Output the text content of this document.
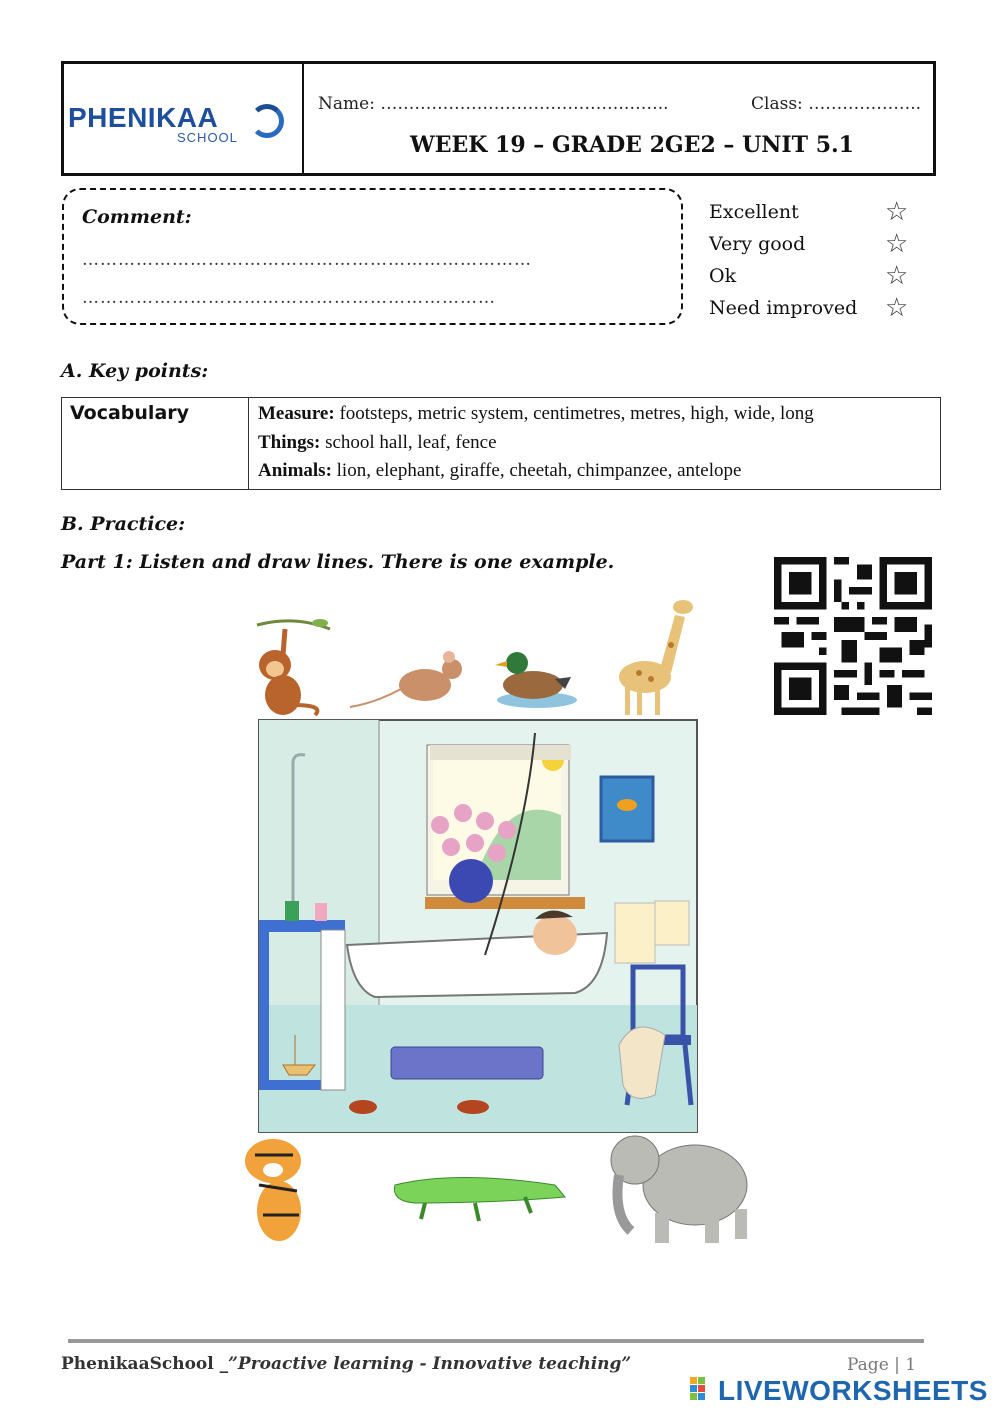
PHENIKAA
SCHOOL
Name: …………………………………….……..	Class: ………………..
WEEK 19 – GRADE 2GE2 – UNIT 5.1
Comment:
…………………………………………………………………
……………………………………………………………
Excellent	☆
Very good	☆
Ok	☆
Need improved ☆
A. Key points:
Vocabulary	Measure: footsteps, metric system, centimetres, metres, high, wide, long
Things: school hall, leaf, fence
Animals: lion, elephant, giraffe, cheetah, chimpanzee, antelope
B. Practice:
Part 1: Listen and draw lines. There is one example.
PhenikaaSchool _”Proactive learning - Innovative teaching”	Page | 1
LIVEWORKSHEETS
